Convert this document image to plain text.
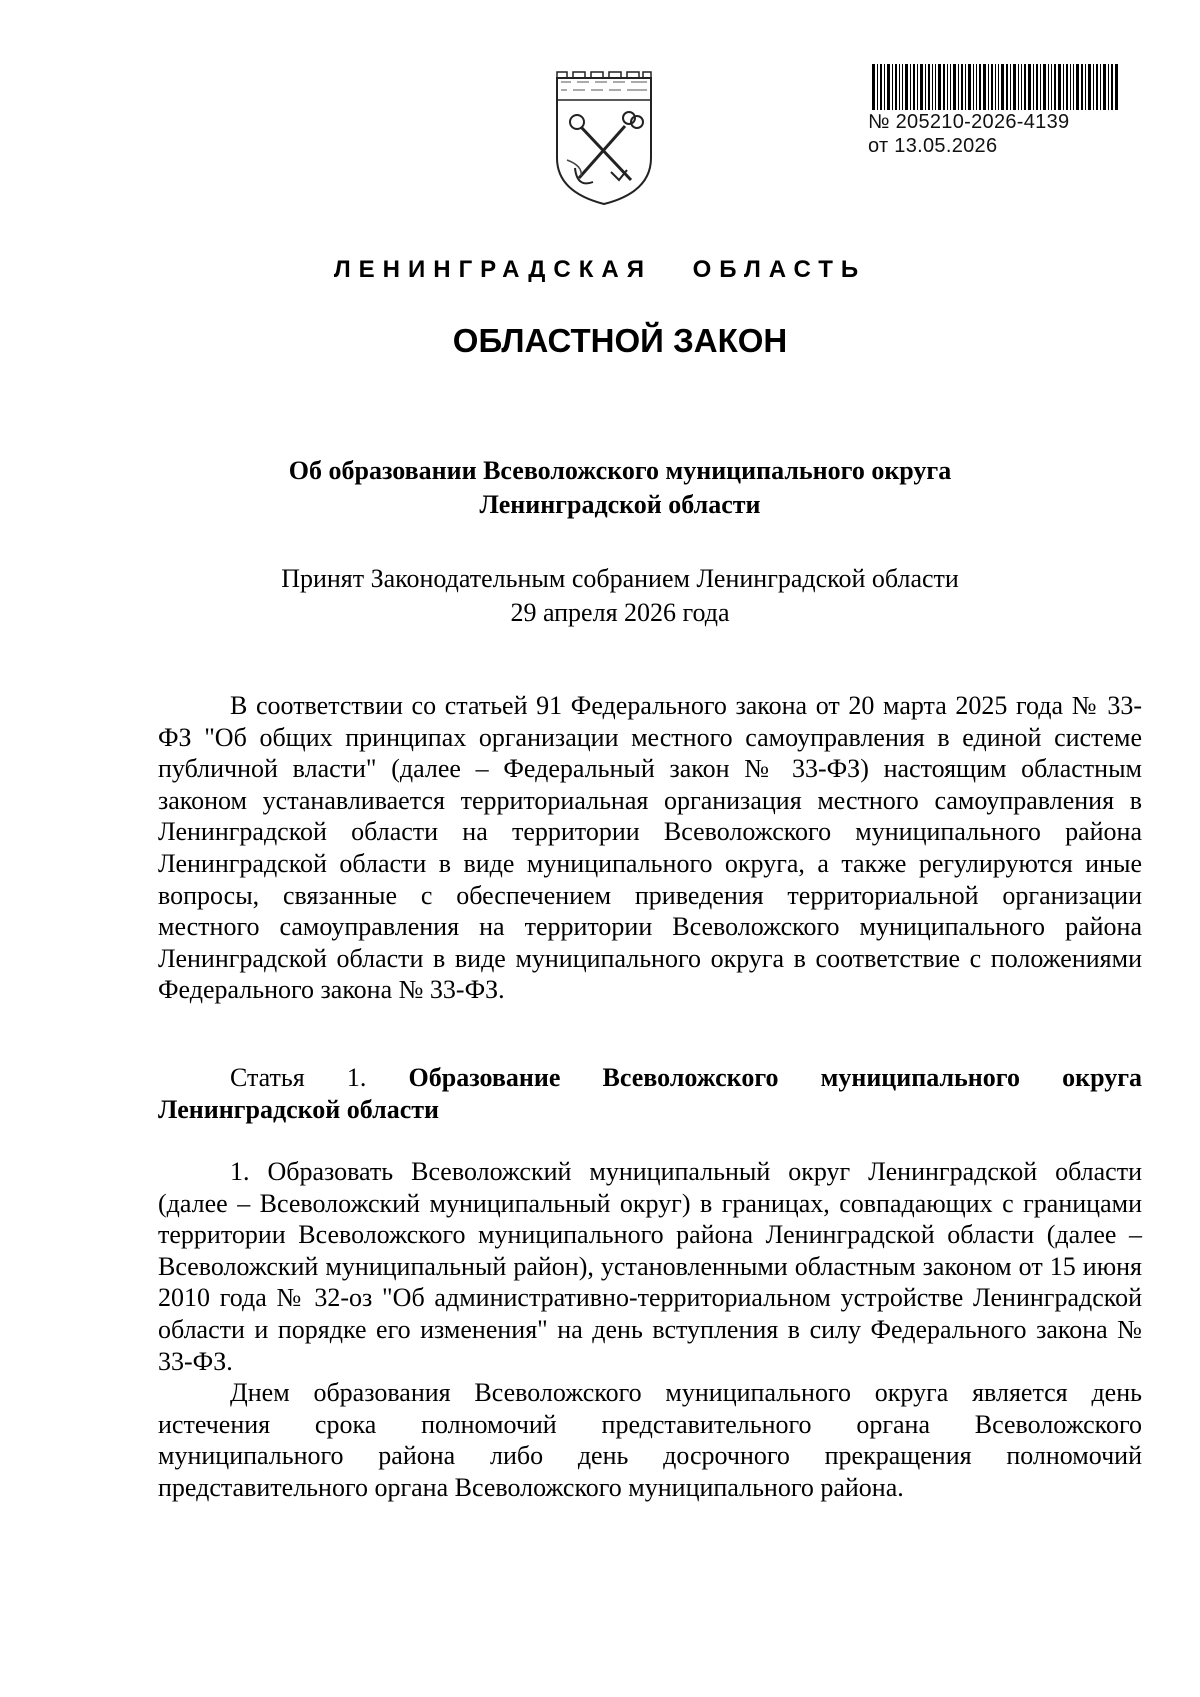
№ 205210-2026-4139
от 13.05.2026
ЛЕНИНГРАДСКАЯ ОБЛАСТЬ
ОБЛАСТНОЙ ЗАКОН
Об образовании Всеволожского муниципального округа
Ленинградской области
Принят Законодательным собранием Ленинградской области
29 апреля 2026 года

В соответствии со статьей 91 Федерального закона от 20 марта 2025 года № 33-ФЗ "Об общих принципах организации местного самоуправления в единой системе публичной власти" (далее – Федеральный закон № 33-ФЗ) настоящим областным законом устанавливается территориальная организация местного самоуправления в Ленинградской области на территории Всеволожского муниципального района Ленинградской области в виде муниципального округа, а также регулируются иные вопросы, связанные с обеспечением приведения территориальной организации местного самоуправления на территории Всеволожского муниципального района Ленинградской области в виде муниципального округа в соответствие с положениями Федерального закона № 33-ФЗ.

Статья 1. Образование Всеволожского муниципального округа Ленинградской области

1. Образовать Всеволожский муниципальный округ Ленинградской области (далее – Всеволожский муниципальный округ) в границах, совпадающих с границами территории Всеволожского муниципального района Ленинградской области (далее – Всеволожский муниципальный район), установленными областным законом от 15 июня 2010 года № 32-оз "Об административно-территориальном устройстве Ленинградской области и порядке его изменения" на день вступления в силу Федерального закона № 33-ФЗ.

Днем образования Всеволожского муниципального округа является день истечения срока полномочий представительного органа Всеволожского муниципального района либо день досрочного прекращения полномочий представительного органа Всеволожского муниципального района.
